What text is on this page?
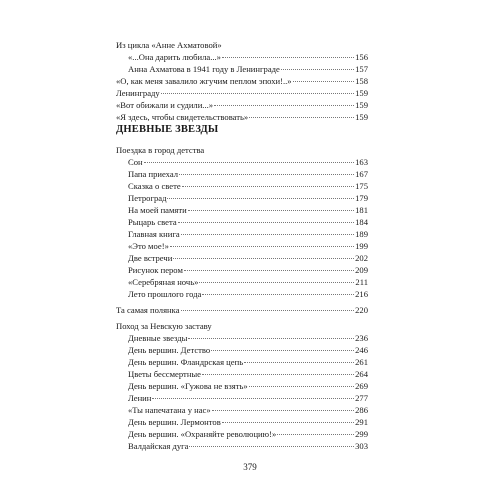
Из цикла «Анне Ахматовой»
«...Она дарить любила...»	156
Анна Ахматова в 1941 году в Ленинграде	157
«О, как меня завалило жгучим пеплом эпохи!..»	158
Ленинграду	159
«Вот обижали и судили...»	159
«Я здесь, чтобы свидетельствовать»	159
ДНЕВНЫЕ ЗВЕЗДЫ
Поездка в город детства
Сон	163
Папа приехал	167
Сказка о свете	175
Петроград	179
На моей памяти	181
Рыцарь света	184
Главная книга	189
«Это мое!»	199
Две встречи	202
Рисунок пером	209
«Серебряная ночь»	211
Лето прошлого года	216
Та самая полянка	220
Поход за Невскую заставу
Дневные звезды	236
День вершин. Детство	246
День вершин. Фландрская цепь	261
Цветы бессмертные	264
День вершин. «Гужова не взять»	269
Ленин	277
«Ты напечатана у нас»	286
День вершин. Лермонтов	291
День вершин. «Охраняйте революцию!»	299
Валдайская дуга	303
379
